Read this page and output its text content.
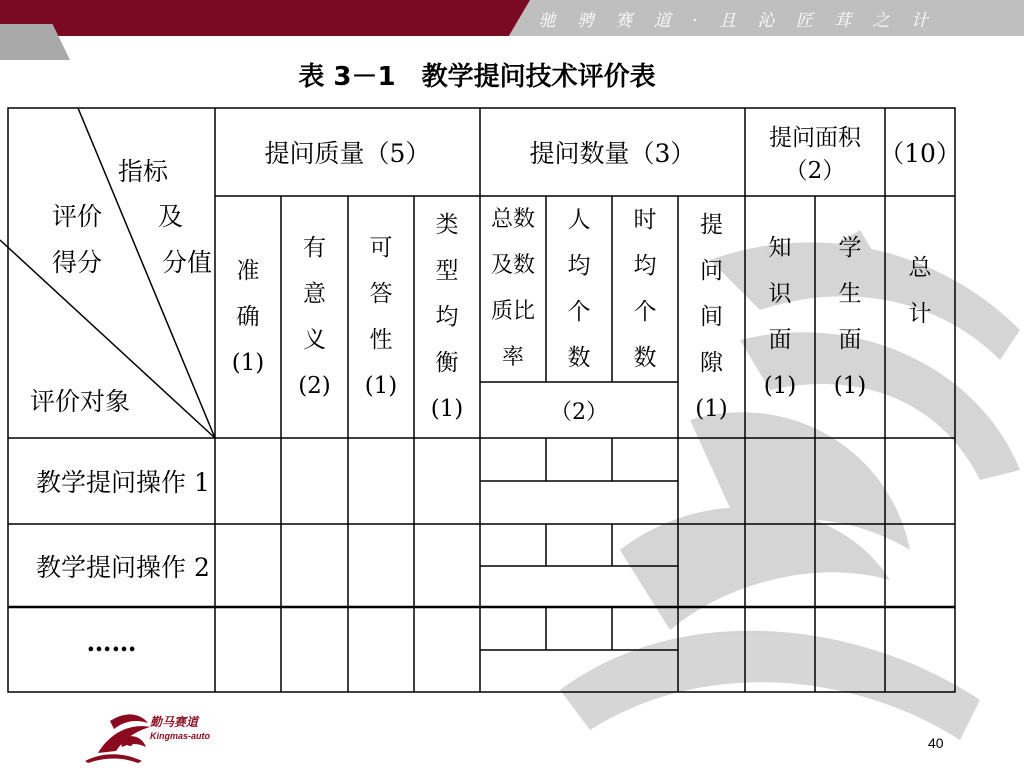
驰 骋 赛 道 · 且 沁 匠 茸 之 计
表 3－1　教学提问技术评价表
指标
及
评价
得分 分值
评价对象
提问质量（5）	提问数量（3）
提问面积（2）
（10）
准
确
(1)
有
意
义
(2)
可
答
性
(1)
类
型
均
衡
(1)
总数
及数
质比
率
人
均
个
数
时
均
个
数
（2）
提
问
间
隙
(1)
知
识
面
(1)
学
生
面
(1)
总
计
教学提问操作 1
教学提问操作 2
……
勤马赛道
Kingmas-auto	40
